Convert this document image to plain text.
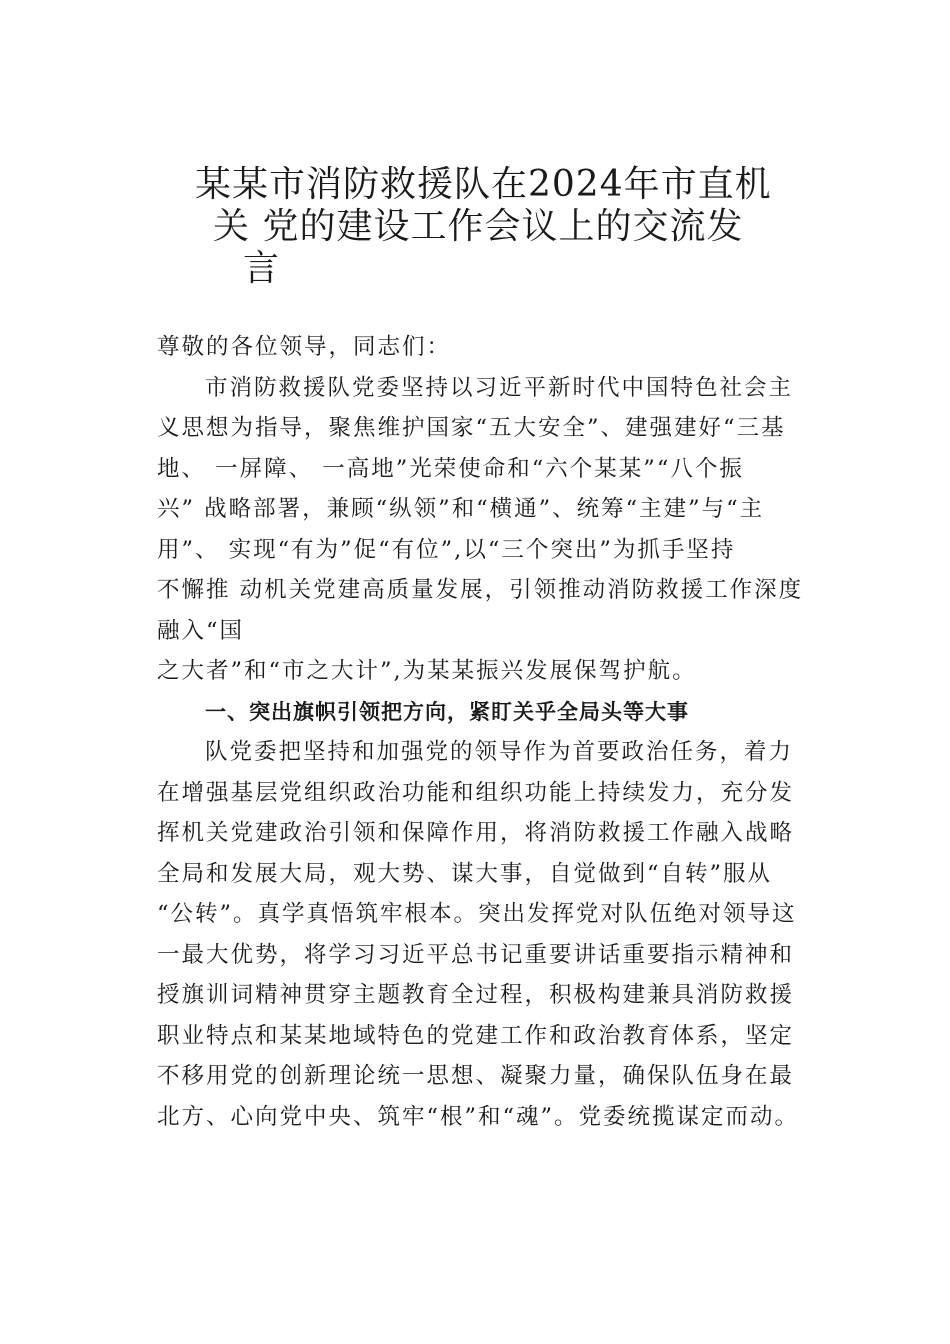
某某市消防救援队在2024年市直机
关 党的建设工作会议上的交流发
言
尊敬的各位领导，同志们：
市消防救援队党委坚持以习近平新时代中国特色社会主
义思想为指导，聚焦维护国家“五大安全”、建强建好“三基
地、 一屏障、 一高地”光荣使命和“六个某某”“八个振
兴” 战略部署，兼顾“纵领”和“横通”、统筹“主建”与“主
用”、 实现“有为”促“有位”,以“三个突出”为抓手坚持
不懈推 动机关党建高质量发展，引领推动消防救援工作深度
融入“国
之大者”和“市之大计”,为某某振兴发展保驾护航。
一、突出旗帜引领把方向，紧盯关乎全局头等大事
队党委把坚持和加强党的领导作为首要政治任务，着力
在增强基层党组织政治功能和组织功能上持续发力，充分发
挥机关党建政治引领和保障作用，将消防救援工作融入战略
全局和发展大局，观大势、谋大事，自觉做到“自转”服从
“公转”。真学真悟筑牢根本。突出发挥党对队伍绝对领导这
一最大优势，将学习习近平总书记重要讲话重要指示精神和
授旗训词精神贯穿主题教育全过程，积极构建兼具消防救援
职业特点和某某地域特色的党建工作和政治教育体系，坚定
不移用党的创新理论统一思想、凝聚力量，确保队伍身在最
北方、心向党中央、筑牢“根”和“魂”。党委统揽谋定而动。
